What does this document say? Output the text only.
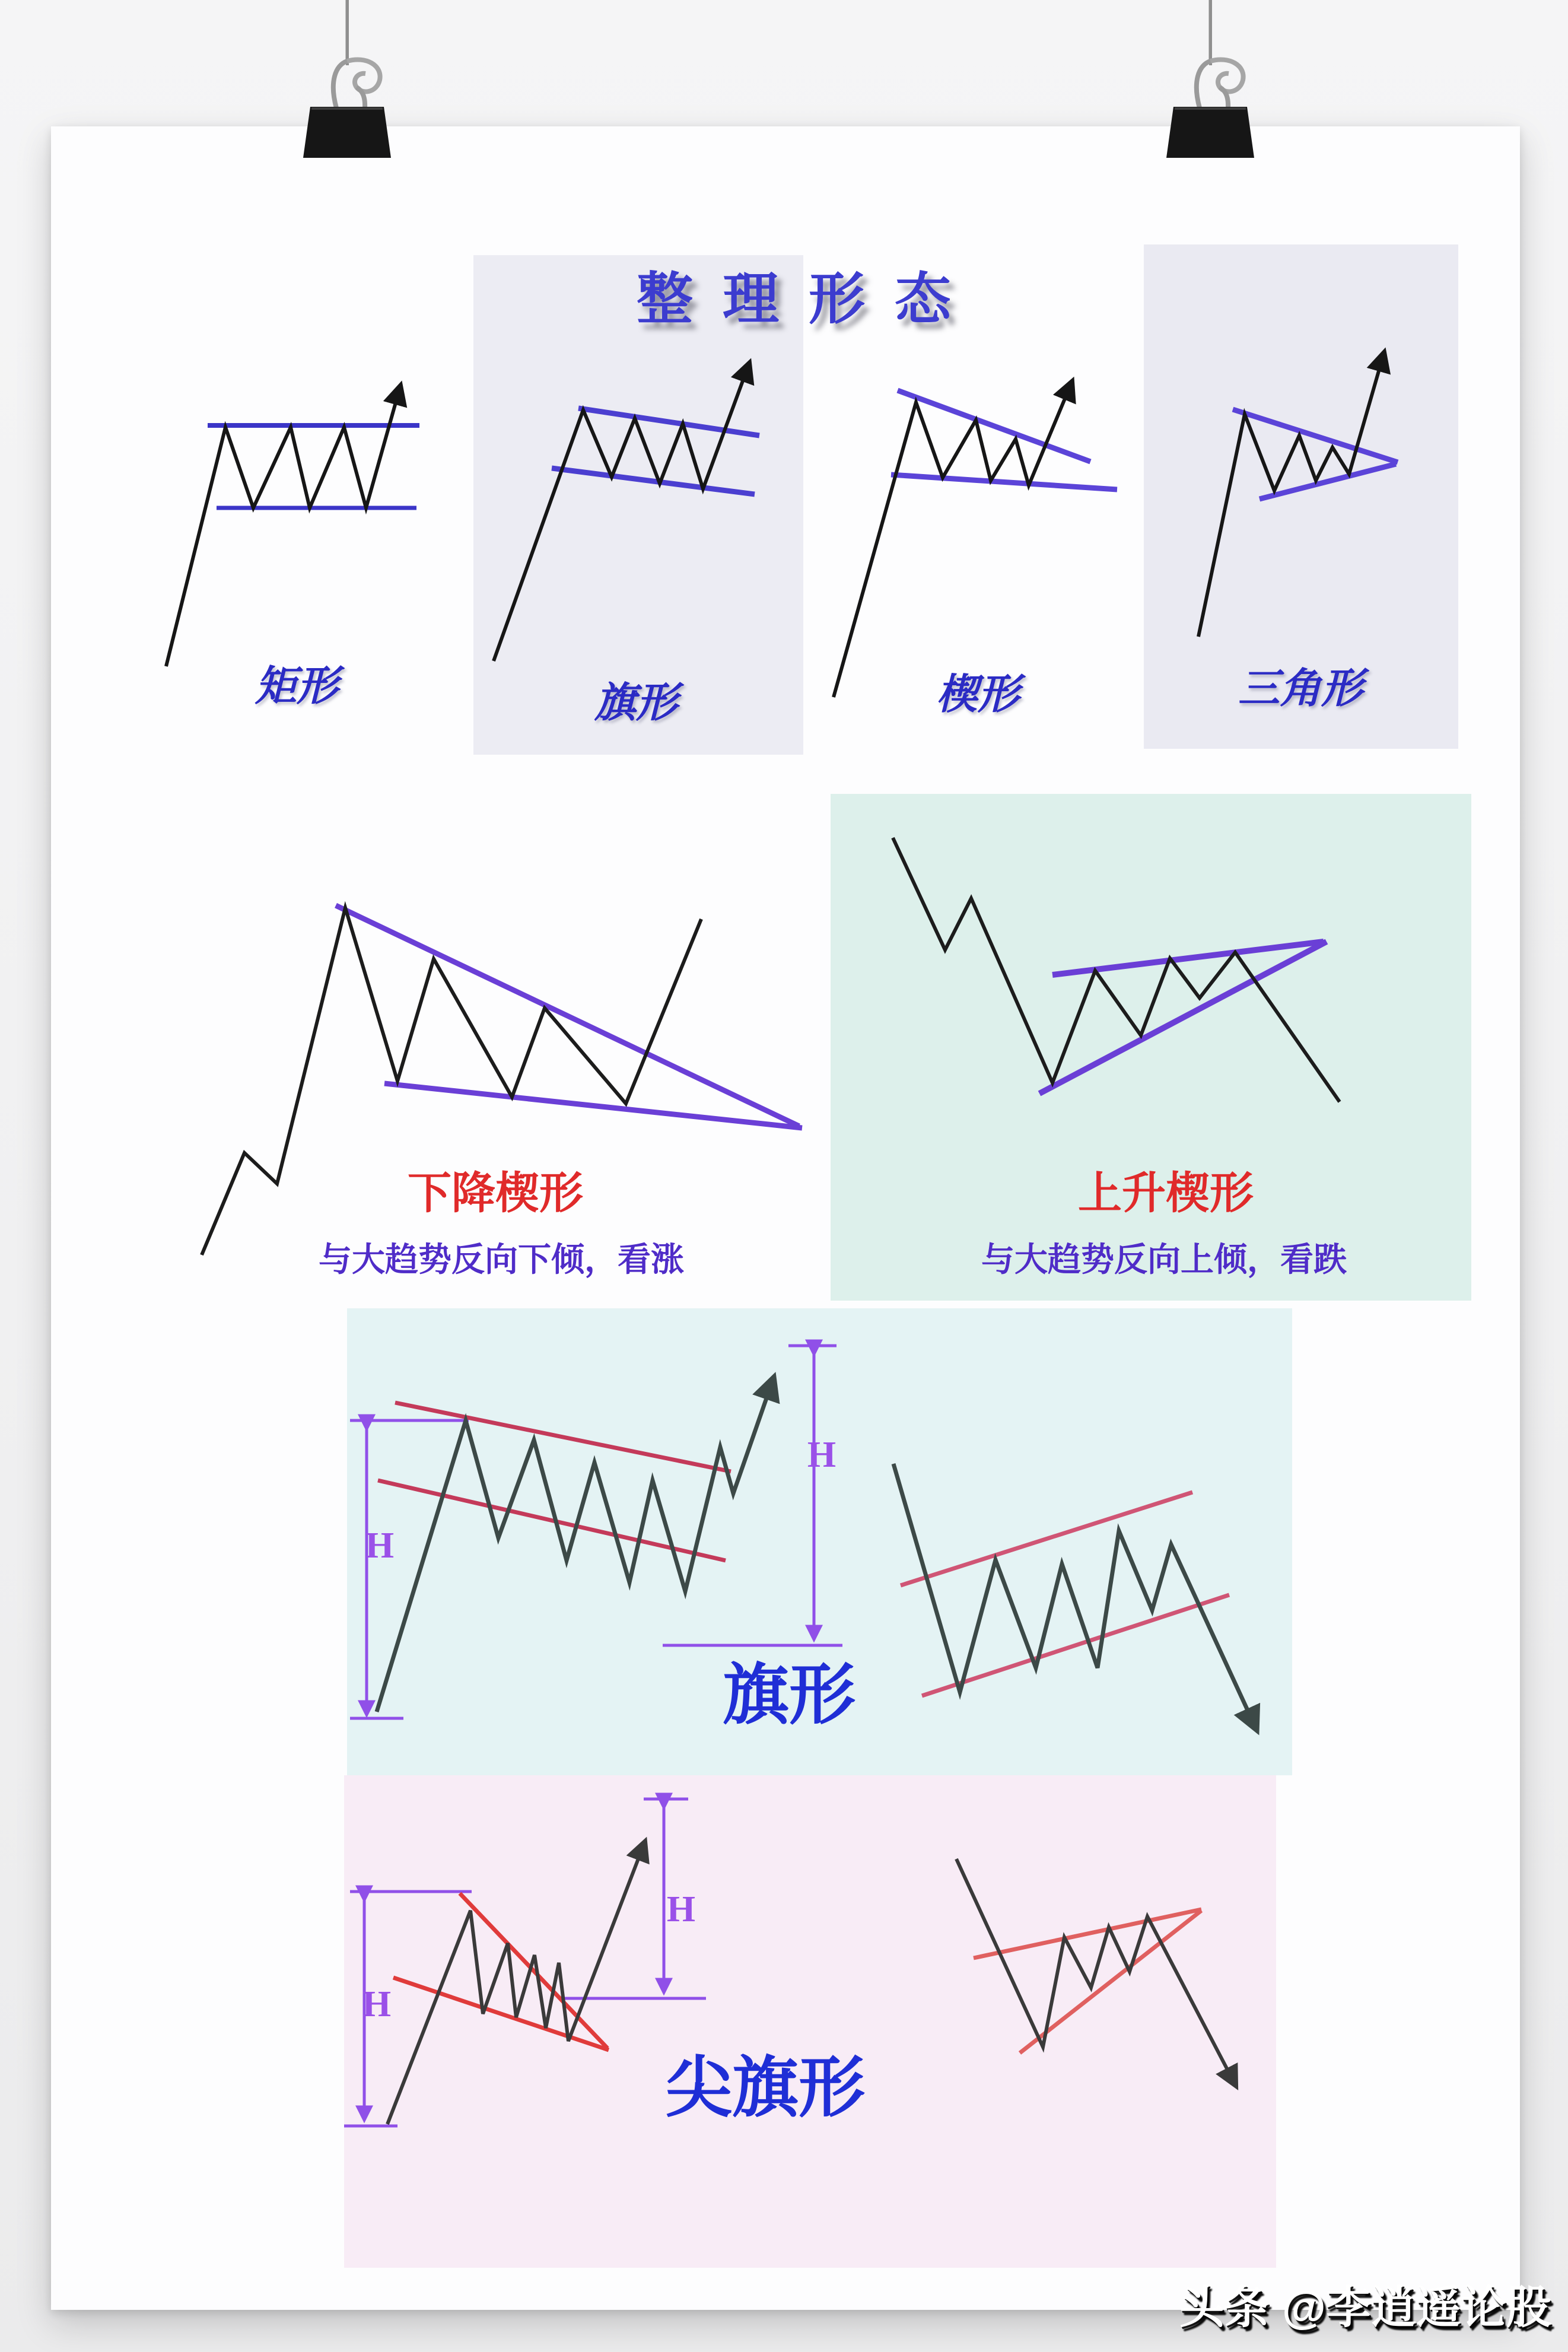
整理形态
矩形	旗形	楔形	三角形
下降楔形
与大趋势反向下倾，看涨
上升楔形
与大趋势反向上倾，看跌
H
H
旗形
H
H
尖旗形
头条 @李逍遥论股
